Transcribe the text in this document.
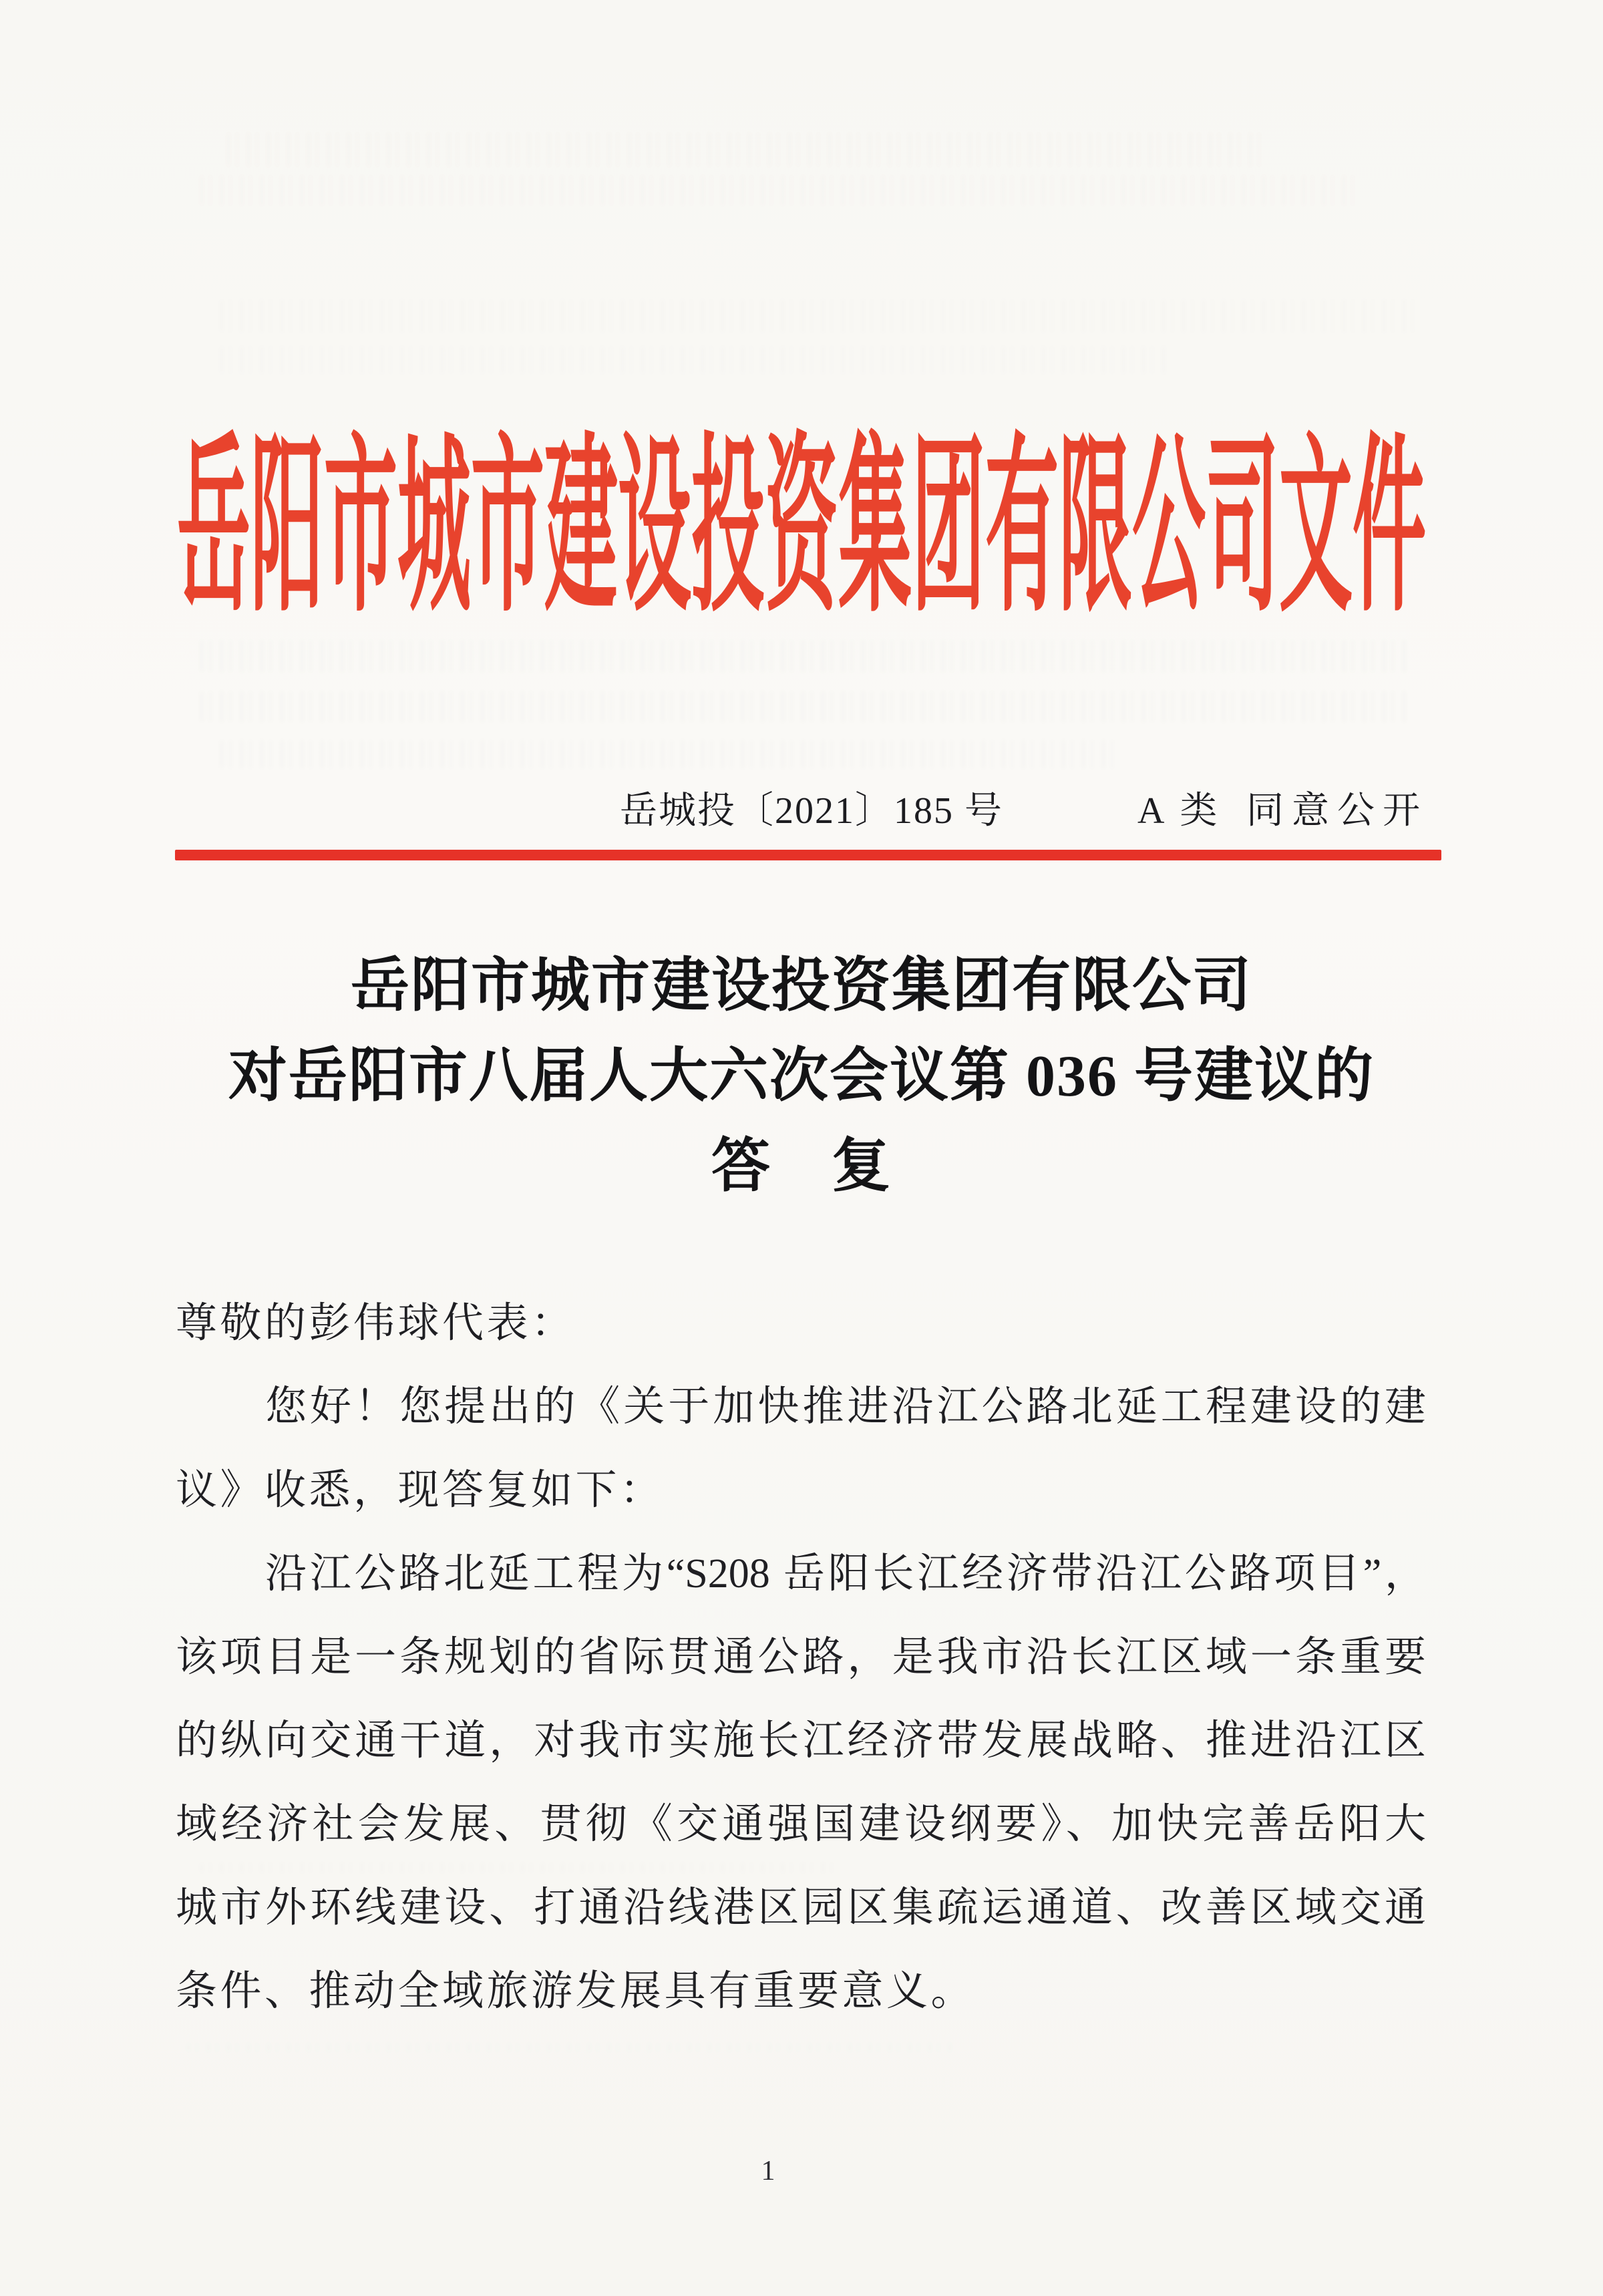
岳阳市城市建设投资集团有限公司文件
岳城投〔2021〕185 号	A 类 同意公开
岳阳市城市建设投资集团有限公司
对岳阳市八届人大六次会议第 036 号建议的
答　复
尊敬的彭伟球代表：
您好！您提出的《关于加快推进沿江公路北延工程建设的建
议》收悉，现答复如下：
沿江公路北延工程为“S208 岳阳长江经济带沿江公路项目”，
该项目是一条规划的省际贯通公路，是我市沿长江区域一条重要
的纵向交通干道，对我市实施长江经济带发展战略、推进沿江区
域经济社会发展、贯彻《交通强国建设纲要》、加快完善岳阳大
城市外环线建设、打通沿线港区园区集疏运通道、改善区域交通
条件、推动全域旅游发展具有重要意义。
1
